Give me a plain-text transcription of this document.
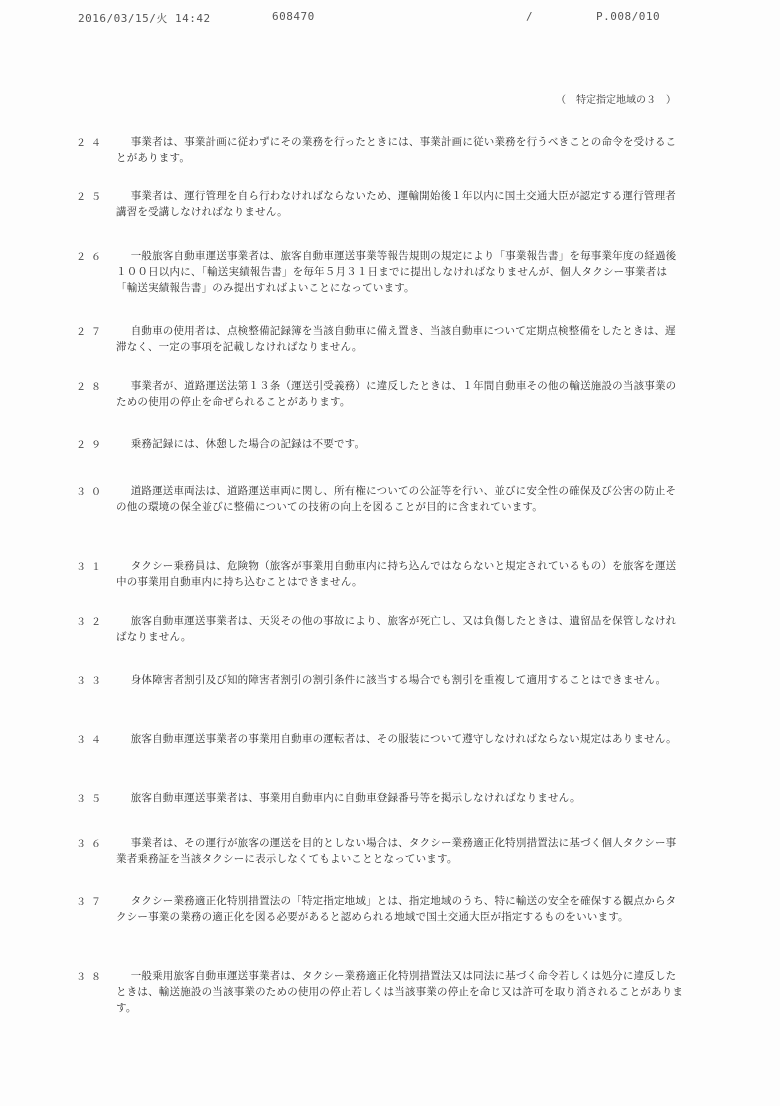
2016/03/15/火 14:42	608470	/	P.008/010
（　特定指定地域の３　）
２４	事業者は、事業計画に従わずにその業務を行ったときには、事業計画に従い業務を行うべきことの命令を受けることがあります。
２５	事業者は、運行管理を自ら行わなければならないため、運輸開始後１年以内に国土交通大臣が認定する運行管理者講習を受講しなければなりません。
２６	一般旅客自動車運送事業者は、旅客自動車運送事業等報告規則の規定により「事業報告書」を毎事業年度の経過後１００日以内に、「輸送実績報告書」を毎年５月３１日までに提出しなければなりませんが、個人タクシー事業者は「輸送実績報告書」のみ提出すればよいことになっています。
２７	自動車の使用者は、点検整備記録簿を当該自動車に備え置き、当該自動車について定期点検整備をしたときは、遅滞なく、一定の事項を記載しなければなりません。
２８	事業者が、道路運送法第１３条（運送引受義務）に違反したときは、１年間自動車その他の輸送施設の当該事業のための使用の停止を命ぜられることがあります。
２９	乗務記録には、休憩した場合の記録は不要です。
３０	道路運送車両法は、道路運送車両に関し、所有権についての公証等を行い、並びに安全性の確保及び公害の防止その他の環境の保全並びに整備についての技術の向上を図ることが目的に含まれています。
３１	タクシー乗務員は、危険物（旅客が事業用自動車内に持ち込んではならないと規定されているもの）を旅客を運送中の事業用自動車内に持ち込むことはできません。
３２	旅客自動車運送事業者は、天災その他の事故により、旅客が死亡し、又は負傷したときは、遺留品を保管しなければなりません。
３３	身体障害者割引及び知的障害者割引の割引条件に該当する場合でも割引を重複して適用することはできません。
３４	旅客自動車運送事業者の事業用自動車の運転者は、その服装について遵守しなければならない規定はありません。
３５	旅客自動車運送事業者は、事業用自動車内に自動車登録番号等を掲示しなければなりません。
３６	事業者は、その運行が旅客の運送を目的としない場合は、タクシー業務適正化特別措置法に基づく個人タクシー事業者乗務証を当該タクシーに表示しなくてもよいこととなっています。
３７	タクシー業務適正化特別措置法の「特定指定地域」とは、指定地域のうち、特に輸送の安全を確保する観点からタクシー事業の業務の適正化を図る必要があると認められる地域で国土交通大臣が指定するものをいいます。
３８	一般乗用旅客自動車運送事業者は、タクシー業務適正化特別措置法又は同法に基づく命令若しくは処分に違反したときは、輸送施設の当該事業のための使用の停止若しくは当該事業の停止を命じ又は許可を取り消されることがあります。
